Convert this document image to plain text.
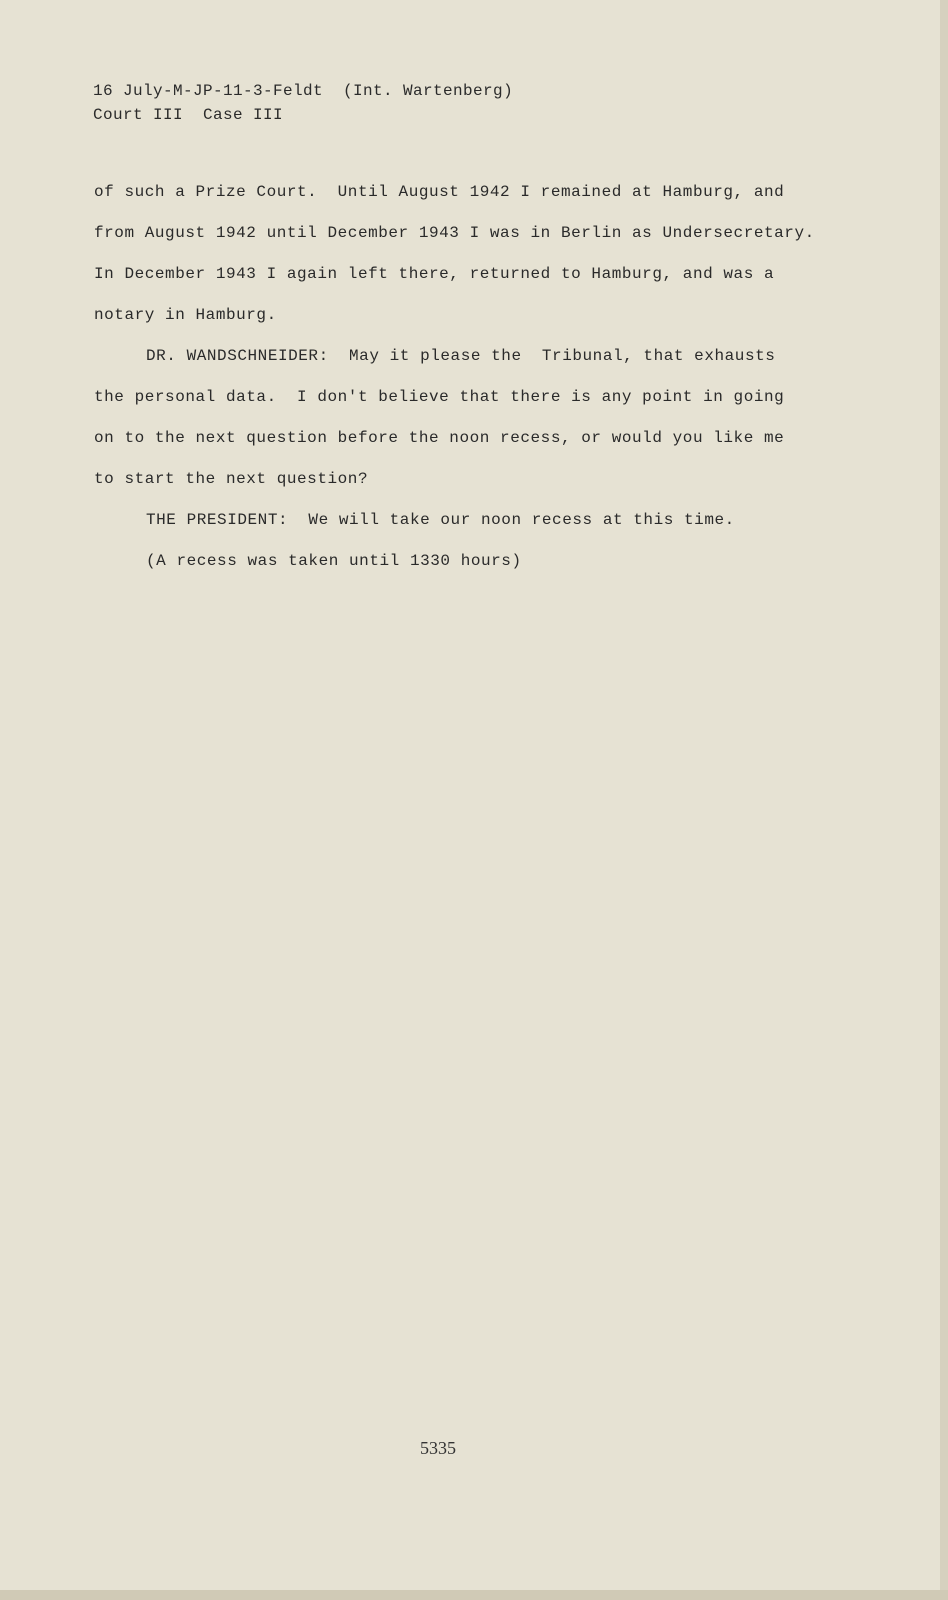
16 July-M-JP-11-3-Feldt  (Int. Wartenberg)
Court III  Case III
of such a Prize Court.  Until August 1942 I remained at Hamburg, and
from August 1942 until December 1943 I was in Berlin as Undersecretary.
In December 1943 I again left there, returned to Hamburg, and was a
notary in Hamburg.
DR. WANDSCHNEIDER:  May it please the  Tribunal, that exhausts
the personal data.  I don't believe that there is any point in going
on to the next question before the noon recess, or would you like me
to start the next question?
THE PRESIDENT:  We will take our noon recess at this time.
(A recess was taken until 1330 hours)
5335
